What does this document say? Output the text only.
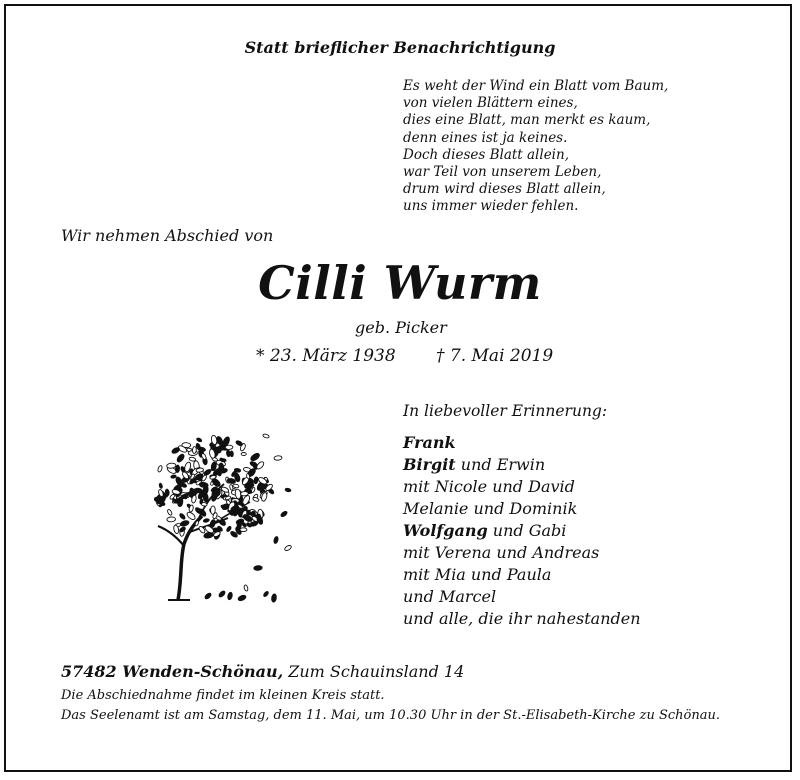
Statt brieflicher Benachrichtigung
Es weht der Wind ein Blatt vom Baum,
von vielen Blättern eines,
dies eine Blatt, man merkt es kaum,
denn eines ist ja keines.
Doch dieses Blatt allein,
war Teil von unserem Leben,
drum wird dieses Blatt allein,
uns immer wieder fehlen.
Wir nehmen Abschied von
Cilli Wurm
geb. Picker
* 23. März 1938 † 7. Mai 2019
In liebevoller Erinnerung:
Frank
Birgit und Erwin
mit Nicole und David
Melanie und Dominik
Wolfgang und Gabi
mit Verena und Andreas
mit Mia und Paula
und Marcel
und alle, die ihr nahestanden
57482 Wenden-Schönau, Zum Schauinsland 14
Die Abschiednahme findet im kleinen Kreis statt.
Das Seelenamt ist am Samstag, dem 11. Mai, um 10.30 Uhr in der St.-Elisabeth-Kirche zu Schönau.
